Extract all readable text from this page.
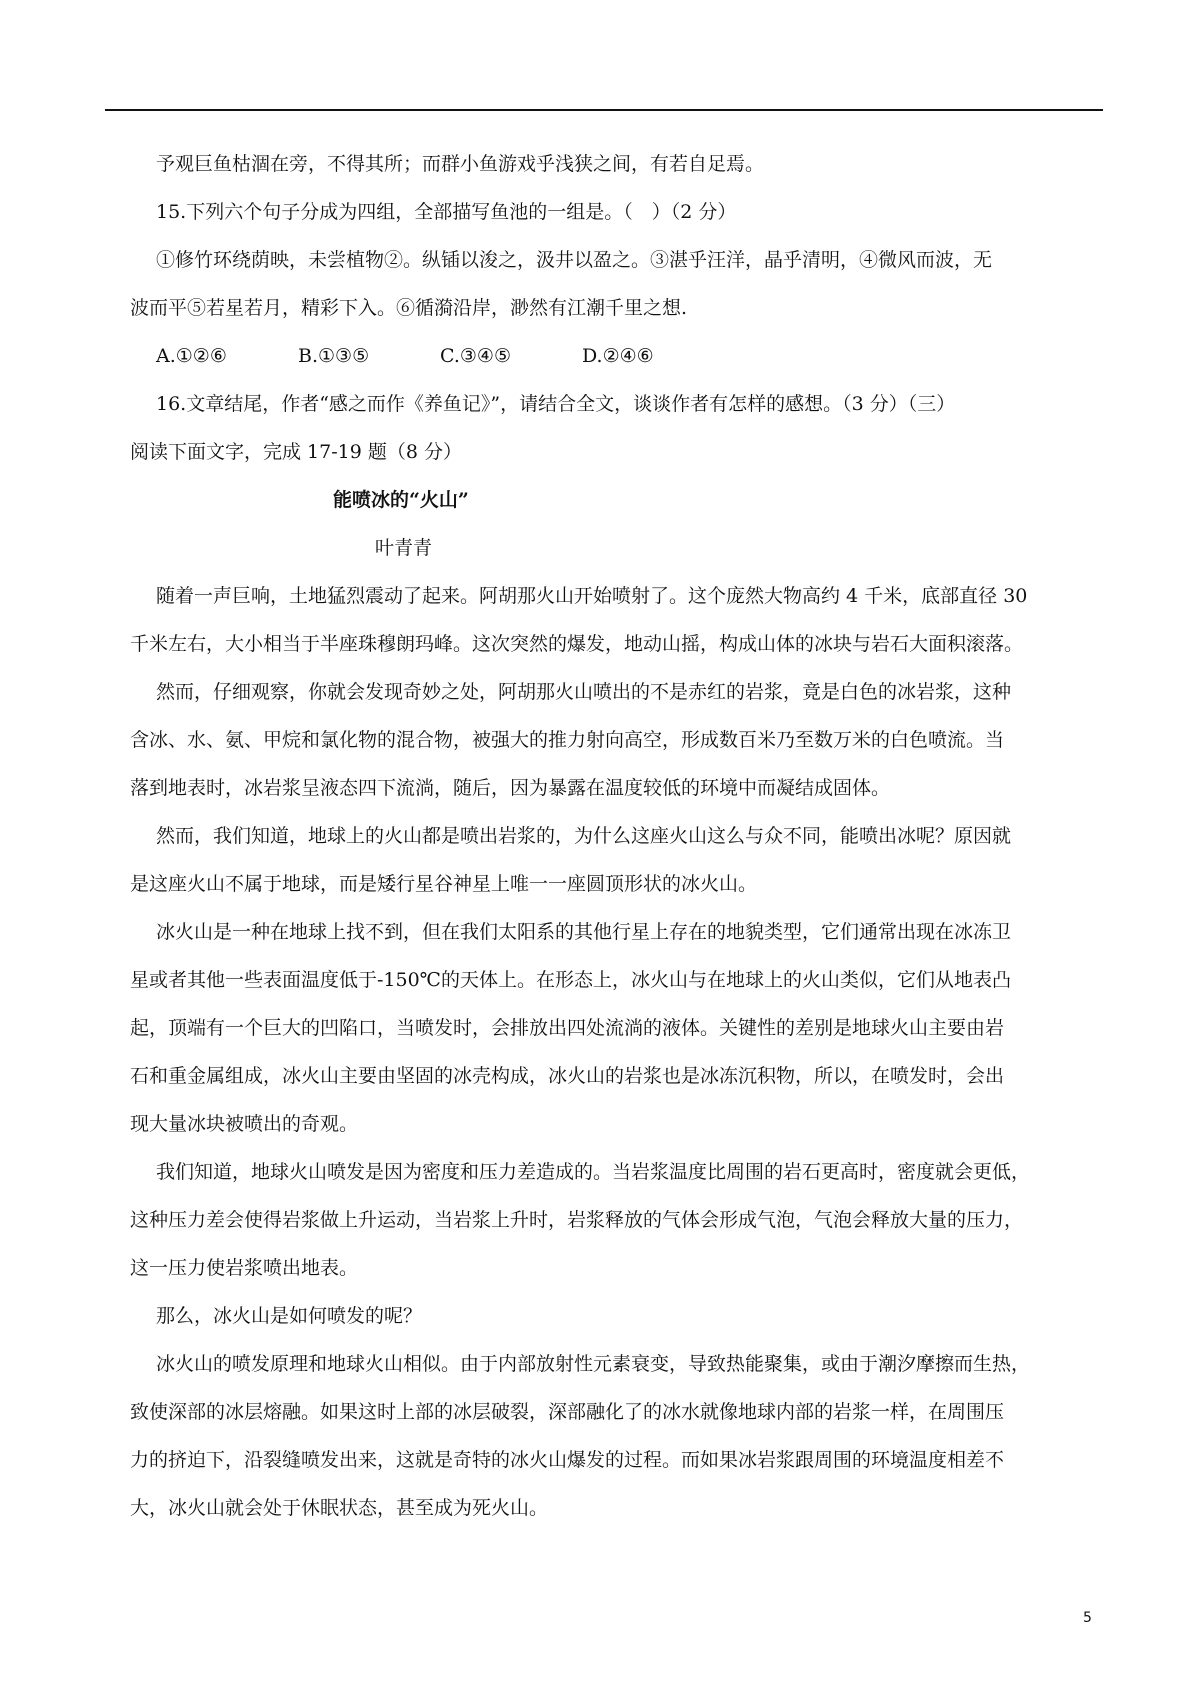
予观巨鱼枯涸在旁，不得其所；而群小鱼游戏乎浅狭之间，有若自足焉。
15.下列六个句子分成为四组，全部描写鱼池的一组是。（　）（2 分）
①修竹环绕荫映，未尝植物②。纵锸以浚之，汲井以盈之。③湛乎汪洋，晶乎清明，④微风而波，无
波而平⑤若星若月，精彩下入。⑥循漪沿岸，渺然有江潮千里之想.
A.①②⑥	B.①③⑤	C.③④⑤	D.②④⑥
16.文章结尾，作者“感之而作《养鱼记》”，请结合全文，谈谈作者有怎样的感想。（3 分）（三）
阅读下面文字，完成 17-19 题（8 分）
能喷冰的“火山”
叶青青
随着一声巨响，土地猛烈震动了起来。阿胡那火山开始喷射了。这个庞然大物高约 4 千米，底部直径 30
千米左右，大小相当于半座珠穆朗玛峰。这次突然的爆发，地动山摇，构成山体的冰块与岩石大面积滚落。
然而，仔细观察，你就会发现奇妙之处，阿胡那火山喷出的不是赤红的岩浆，竟是白色的冰岩浆，这种
含冰、水、氨、甲烷和氯化物的混合物，被强大的推力射向高空，形成数百米乃至数万米的白色喷流。当
落到地表时，冰岩浆呈液态四下流淌，随后，因为暴露在温度较低的环境中而凝结成固体。
然而，我们知道，地球上的火山都是喷出岩浆的，为什么这座火山这么与众不同，能喷出冰呢？原因就
是这座火山不属于地球，而是矮行星谷神星上唯一一座圆顶形状的冰火山。
冰火山是一种在地球上找不到，但在我们太阳系的其他行星上存在的地貌类型，它们通常出现在冰冻卫
星或者其他一些表面温度低于-150℃的天体上。在形态上，冰火山与在地球上的火山类似，它们从地表凸
起，顶端有一个巨大的凹陷口，当喷发时，会排放出四处流淌的液体。关键性的差别是地球火山主要由岩
石和重金属组成，冰火山主要由坚固的冰壳构成，冰火山的岩浆也是冰冻沉积物，所以，在喷发时，会出
现大量冰块被喷出的奇观。
我们知道，地球火山喷发是因为密度和压力差造成的。当岩浆温度比周围的岩石更高时，密度就会更低，
这种压力差会使得岩浆做上升运动，当岩浆上升时，岩浆释放的气体会形成气泡，气泡会释放大量的压力，
这一压力使岩浆喷出地表。
那么，冰火山是如何喷发的呢？
冰火山的喷发原理和地球火山相似。由于内部放射性元素衰变，导致热能聚集，或由于潮汐摩擦而生热，
致使深部的冰层熔融。如果这时上部的冰层破裂，深部融化了的冰水就像地球内部的岩浆一样，在周围压
力的挤迫下，沿裂缝喷发出来，这就是奇特的冰火山爆发的过程。而如果冰岩浆跟周围的环境温度相差不
大，冰火山就会处于休眠状态，甚至成为死火山。
5
